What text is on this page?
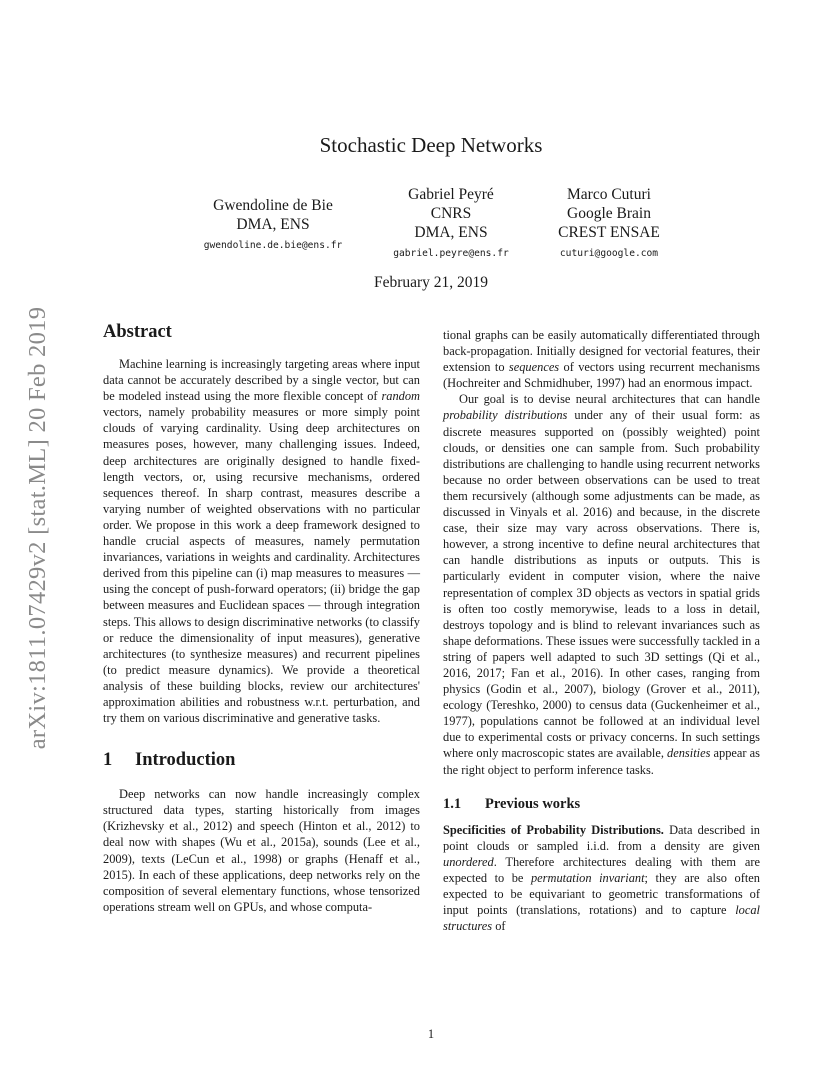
arXiv:1811.07429v2 [stat.ML] 20 Feb 2019
Stochastic Deep Networks
Gwendoline de Bie
DMA, ENS
gwendoline.de.bie@ens.fr
Gabriel Peyré
CNRS
DMA, ENS
gabriel.peyre@ens.fr
Marco Cuturi
Google Brain
CREST ENSAE
cuturi@google.com
February 21, 2019
Abstract

Machine learning is increasingly targeting areas where input data cannot be accurately described by a single vector, but can be modeled instead using the more flexible concept of random vectors, namely probability measures or more simply point clouds of varying cardinality. Using deep architectures on measures poses, however, many challenging issues. Indeed, deep architectures are originally designed to handle fixed-length vectors, or, using recursive mechanisms, ordered sequences thereof. In sharp contrast, measures describe a varying number of weighted observations with no particular order. We propose in this work a deep framework designed to handle crucial aspects of measures, namely permutation invariances, variations in weights and cardinality. Architectures derived from this pipeline can (i) map measures to measures — using the concept of push-forward operators; (ii) bridge the gap between measures and Euclidean spaces — through integration steps. This allows to design discriminative networks (to classify or reduce the dimensionality of input measures), generative architectures (to synthesize measures) and recurrent pipelines (to predict measure dynamics). We provide a theoretical analysis of these building blocks, review our architectures' approximation abilities and robustness w.r.t. perturbation, and try them on various discriminative and generative tasks.

1 Introduction

Deep networks can now handle increasingly complex structured data types, starting historically from images (Krizhevsky et al., 2012) and speech (Hinton et al., 2012) to deal now with shapes (Wu et al., 2015a), sounds (Lee et al., 2009), texts (LeCun et al., 1998) or graphs (Henaff et al., 2015). In each of these applications, deep networks rely on the composition of several elementary functions, whose tensorized operations stream well on GPUs, and whose computa-

tional graphs can be easily automatically differentiated through back-propagation. Initially designed for vectorial features, their extension to sequences of vectors using recurrent mechanisms (Hochreiter and Schmidhuber, 1997) had an enormous impact.

Our goal is to devise neural architectures that can handle probability distributions under any of their usual form: as discrete measures supported on (possibly weighted) point clouds, or densities one can sample from. Such probability distributions are challenging to handle using recurrent networks because no order between observations can be used to treat them recursively (although some adjustments can be made, as discussed in Vinyals et al. 2016) and because, in the discrete case, their size may vary across observations. There is, however, a strong incentive to define neural architectures that can handle distributions as inputs or outputs. This is particularly evident in computer vision, where the naive representation of complex 3D objects as vectors in spatial grids is often too costly memorywise, leads to a loss in detail, destroys topology and is blind to relevant invariances such as shape deformations. These issues were successfully tackled in a string of papers well adapted to such 3D settings (Qi et al., 2016, 2017; Fan et al., 2016). In other cases, ranging from physics (Godin et al., 2007), biology (Grover et al., 2011), ecology (Tereshko, 2000) to census data (Guckenheimer et al., 1977), populations cannot be followed at an individual level due to experimental costs or privacy concerns. In such settings where only macroscopic states are available, densities appear as the right object to perform inference tasks.

1.1 Previous works

Specificities of Probability Distributions. Data described in point clouds or sampled i.i.d. from a density are given unordered. Therefore architectures dealing with them are expected to be permutation invariant; they are also often expected to be equivariant to geometric transformations of input points (translations, rotations) and to capture local structures of

1
